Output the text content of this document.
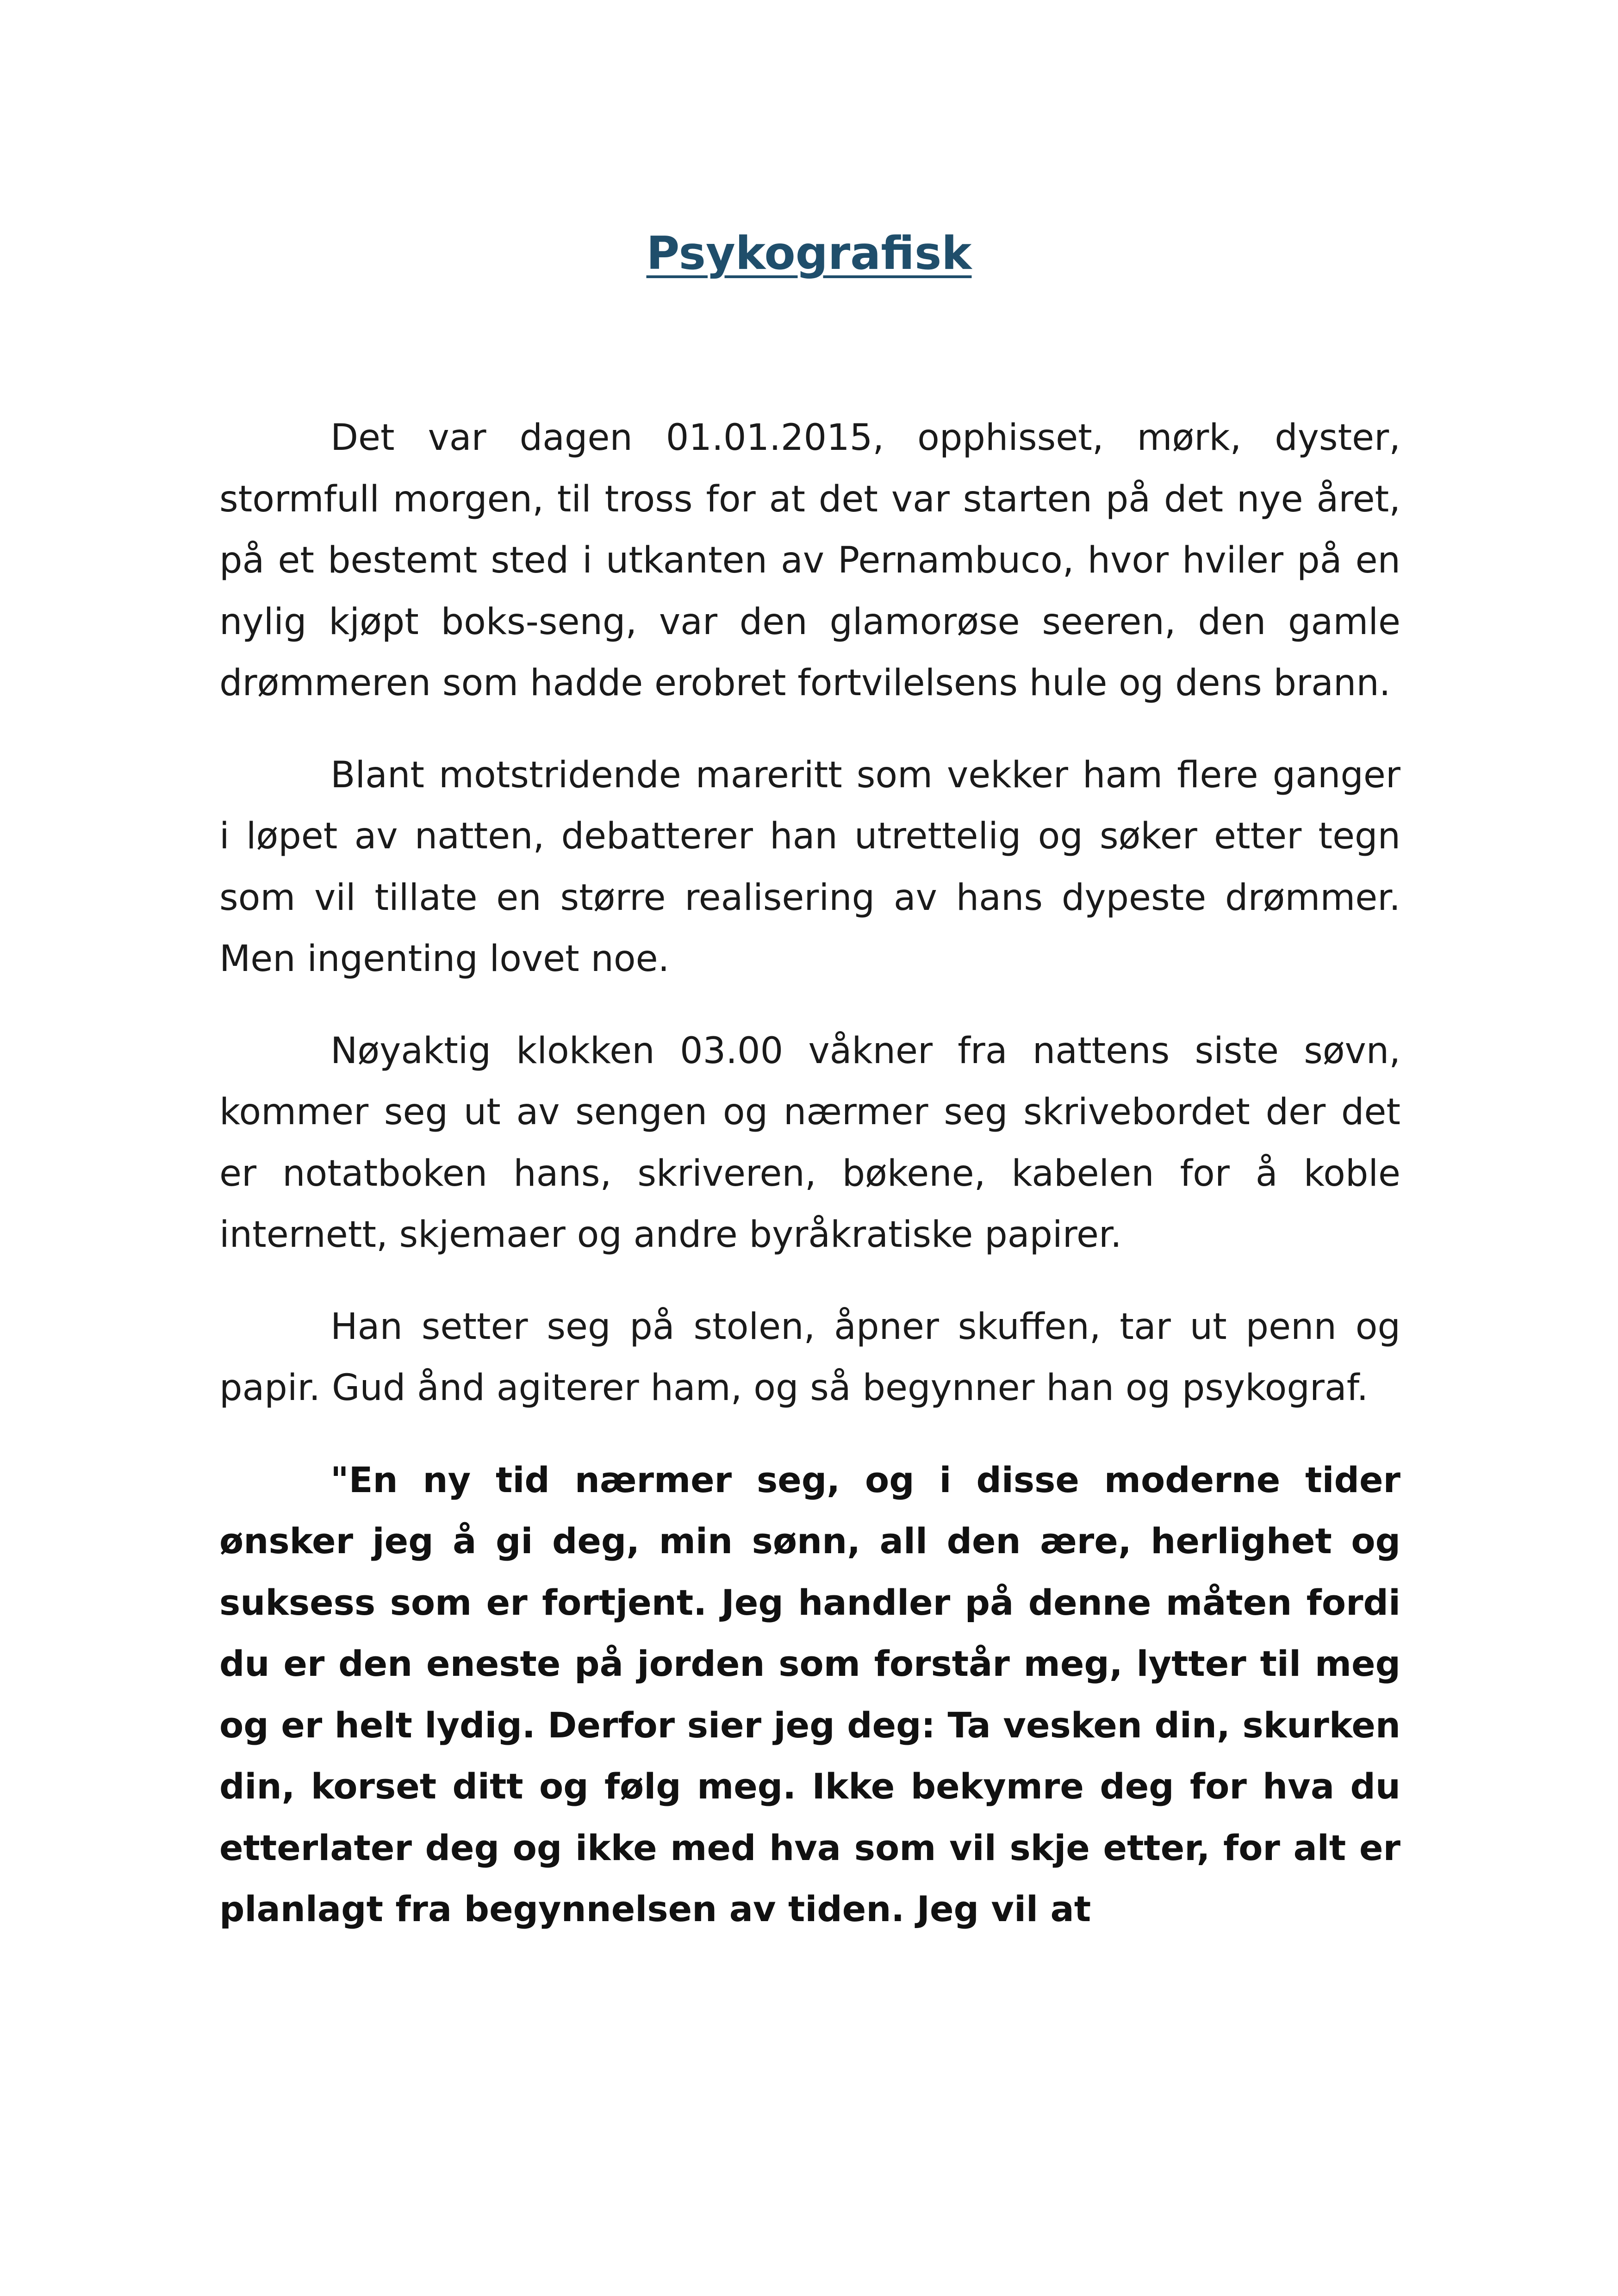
Psykografisk

Det var dagen 01.01.2015, opphisset, mørk, dyster, stormfull morgen, til tross for at det var starten på det nye året, på et bestemt sted i utkanten av Pernambuco, hvor hviler på en nylig kjøpt boks-seng, var den glamorøse seeren, den gamle drømmeren som hadde erobret fortvilelsens hule og dens brann.

Blant motstridende mareritt som vekker ham flere ganger i løpet av natten, debatterer han utrettelig og søker etter tegn som vil tillate en større realisering av hans dypeste drømmer. Men ingenting lovet noe.

Nøyaktig klokken 03.00 våkner fra nattens siste søvn, kommer seg ut av sengen og nærmer seg skrivebordet der det er notatboken hans, skriveren, bøkene, kabelen for å koble internett, skjemaer og andre byråkratiske papirer.

Han setter seg på stolen, åpner skuffen, tar ut penn og papir. Gud ånd agiterer ham, og så begynner han og psykograf.

"En ny tid nærmer seg, og i disse moderne tider ønsker jeg å gi deg, min sønn, all den ære, herlighet og suksess som er fortjent. Jeg handler på denne måten fordi du er den eneste på jorden som forstår meg, lytter til meg og er helt lydig. Derfor sier jeg deg: Ta vesken din, skurken din, korset ditt og følg meg. Ikke bekymre deg for hva du etterlater deg og ikke med hva som vil skje etter, for alt er planlagt fra begynnelsen av tiden. Jeg vil at
